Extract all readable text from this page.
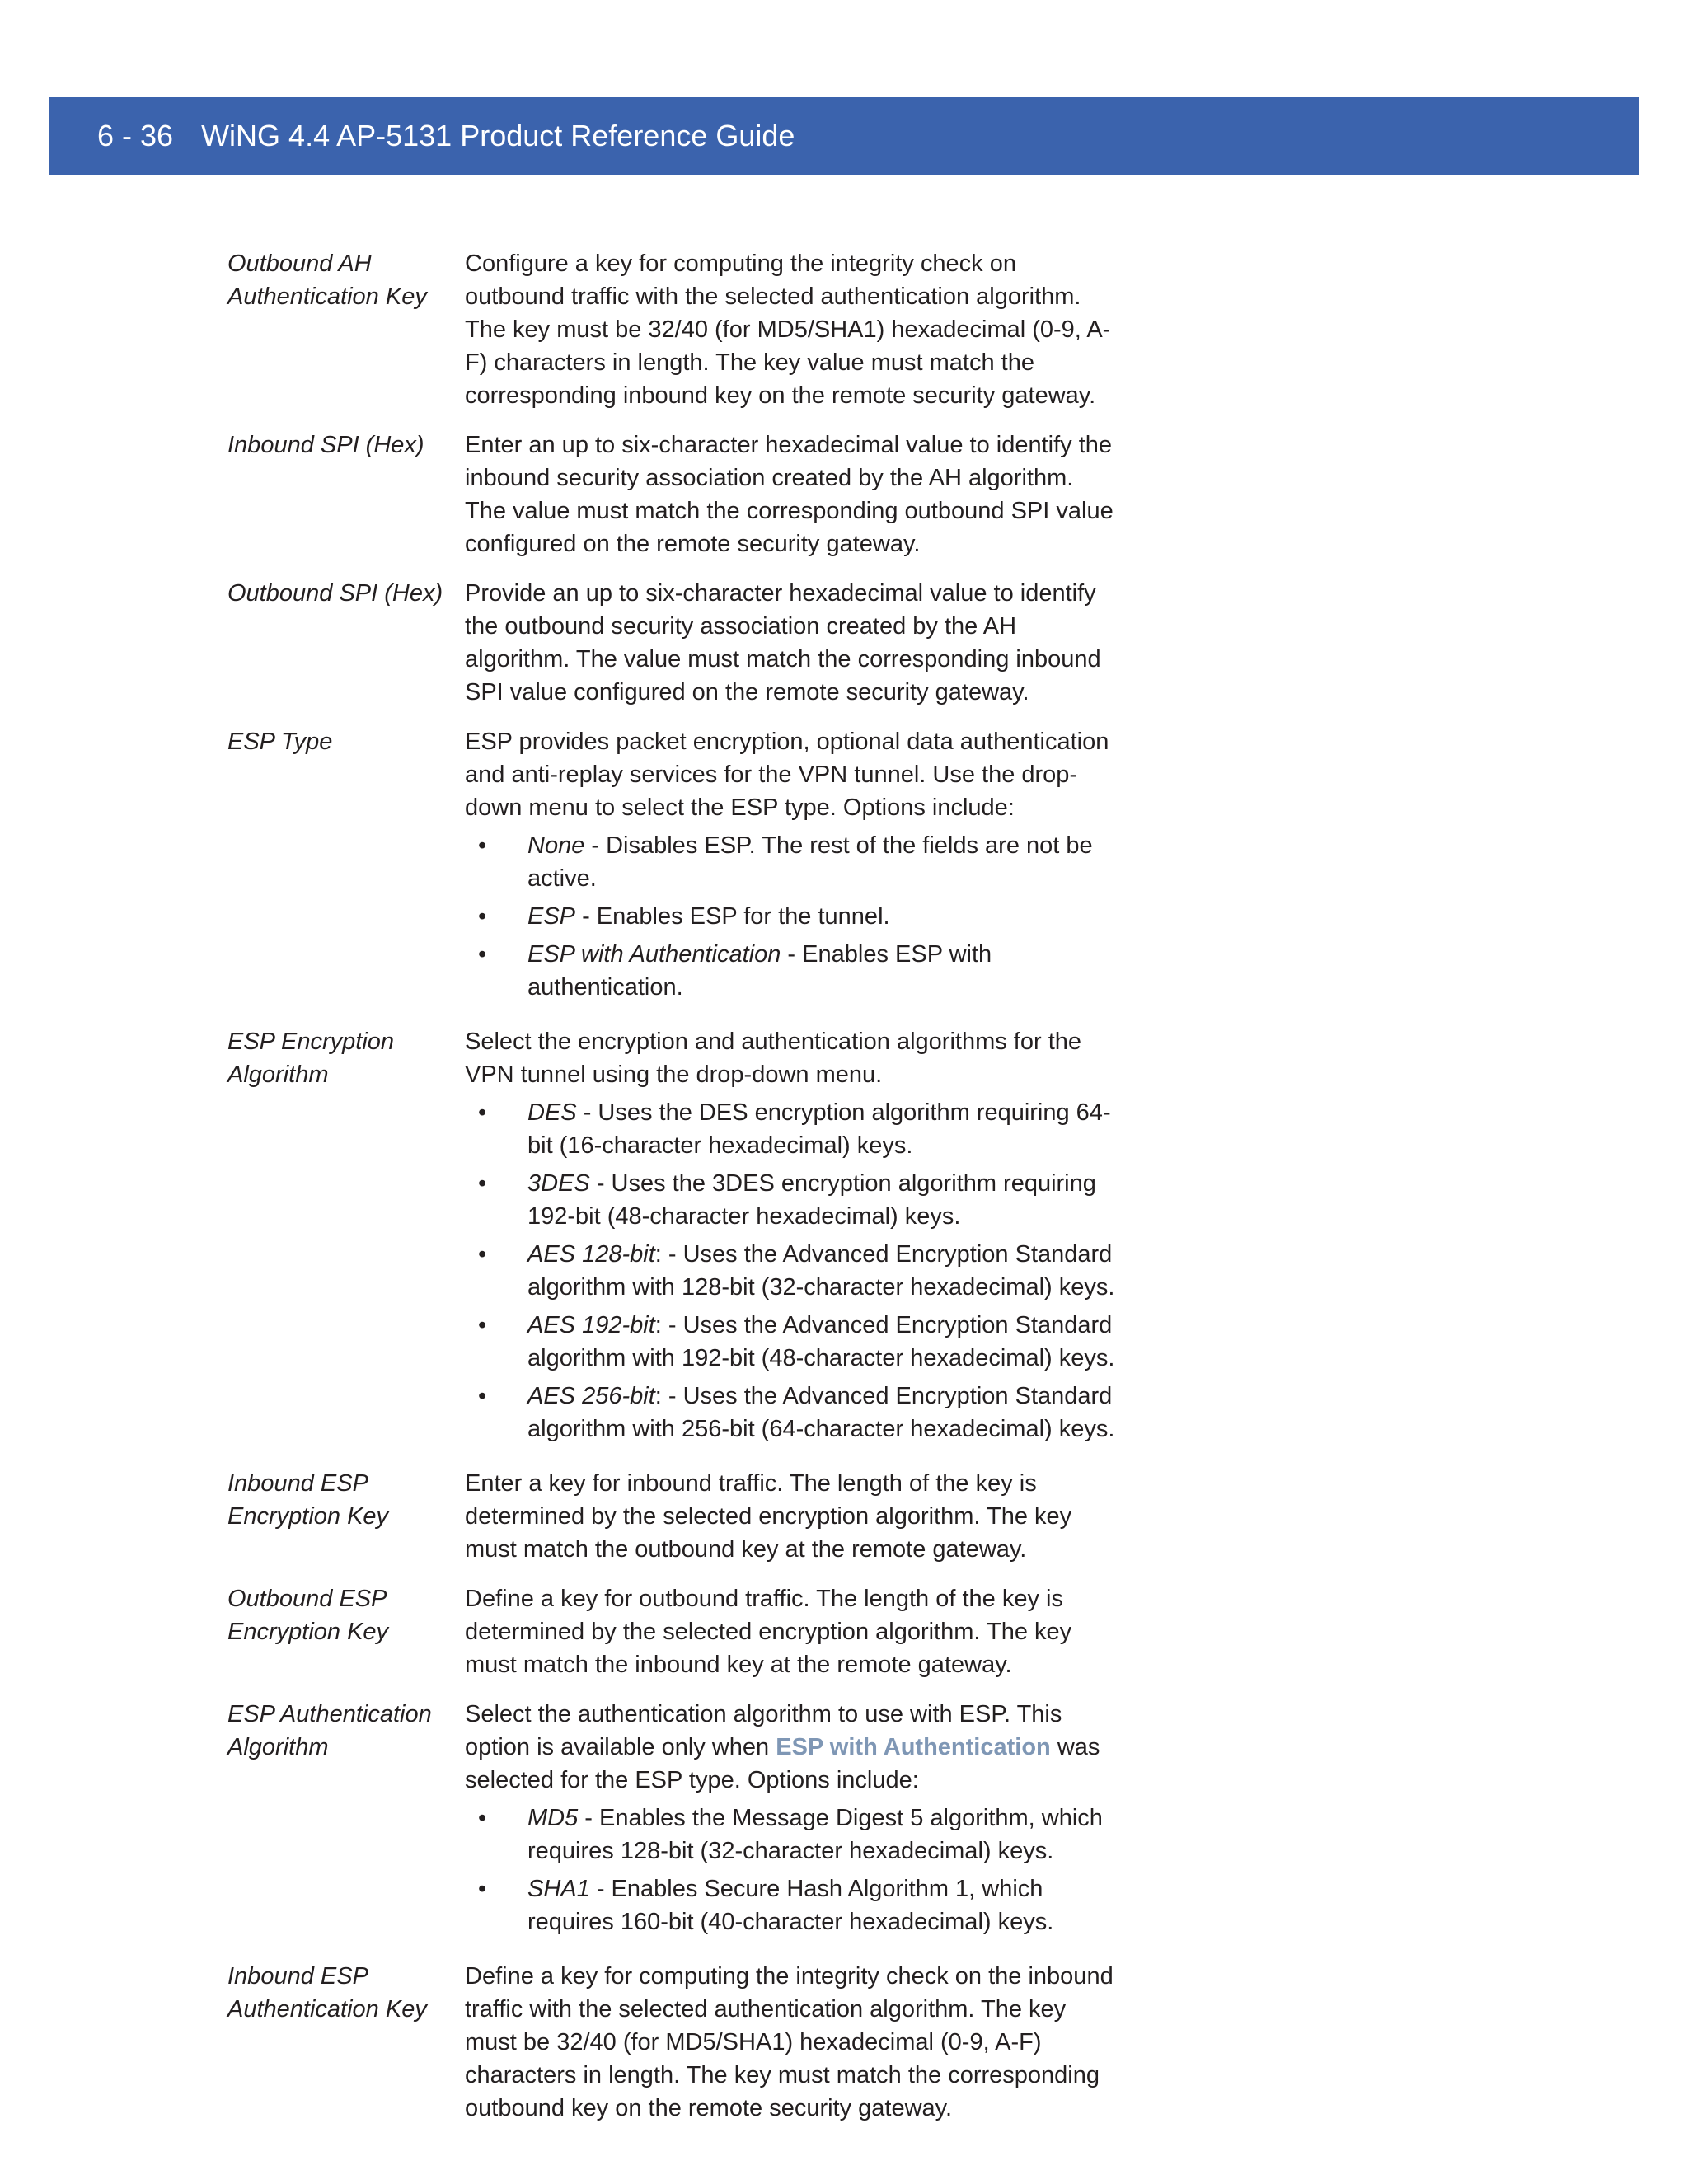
6 - 36 WiNG 4.4 AP-5131 Product Reference Guide
Outbound AH Authentication Key

Configure a key for computing the integrity check on outbound traffic with the selected authentication algorithm. The key must be 32/40 (for MD5/SHA1) hexadecimal (0-9, A-F) characters in length. The key value must match the corresponding inbound key on the remote security gateway.

Inbound SPI (Hex)	Enter an up to six-character hexadecimal value to identify the inbound security association created by the AH algorithm. The value must match the corresponding outbound SPI value configured on the remote security gateway.

Outbound SPI (Hex) Provide an up to six-character hexadecimal value to identify the outbound security association created by the AH algorithm. The value must match the corresponding inbound SPI value configured on the remote security gateway.

ESP Type	ESP provides packet encryption, optional data authentication and anti-replay services for the VPN tunnel. Use the drop-down menu to select the ESP type. Options include:

• None - Disables ESP. The rest of the fields are not be active.
• ESP - Enables ESP for the tunnel.
• ESP with Authentication - Enables ESP with authentication.
ESP Encryption Algorithm

Select the encryption and authentication algorithms for the VPN tunnel using the drop-down menu.

• DES - Uses the DES encryption algorithm requiring 64-bit (16-character hexadecimal) keys.
• 3DES - Uses the 3DES encryption algorithm requiring 192-bit (48-character hexadecimal) keys.
• AES 128-bit: - Uses the Advanced Encryption Standard algorithm with 128-bit (32-character hexadecimal) keys.
• AES 192-bit: - Uses the Advanced Encryption Standard algorithm with 192-bit (48-character hexadecimal) keys.
• AES 256-bit: - Uses the Advanced Encryption Standard algorithm with 256-bit (64-character hexadecimal) keys.
Inbound ESP Encryption Key

Enter a key for inbound traffic. The length of the key is determined by the selected encryption algorithm. The key must match the outbound key at the remote gateway.

Outbound ESP Encryption Key

Define a key for outbound traffic. The length of the key is determined by the selected encryption algorithm. The key must match the inbound key at the remote gateway.

ESP Authentication Algorithm

Select the authentication algorithm to use with ESP. This option is available only when ESP with Authentication was selected for the ESP type. Options include:

• MD5 - Enables the Message Digest 5 algorithm, which requires 128-bit (32-character hexadecimal) keys.
• SHA1 - Enables Secure Hash Algorithm 1, which requires 160-bit (40-character hexadecimal) keys.
Inbound ESP Authentication Key

Define a key for computing the integrity check on the inbound traffic with the selected authentication algorithm. The key must be 32/40 (for MD5/SHA1) hexadecimal (0-9, A-F) characters in length. The key must match the corresponding outbound key on the remote security gateway.
